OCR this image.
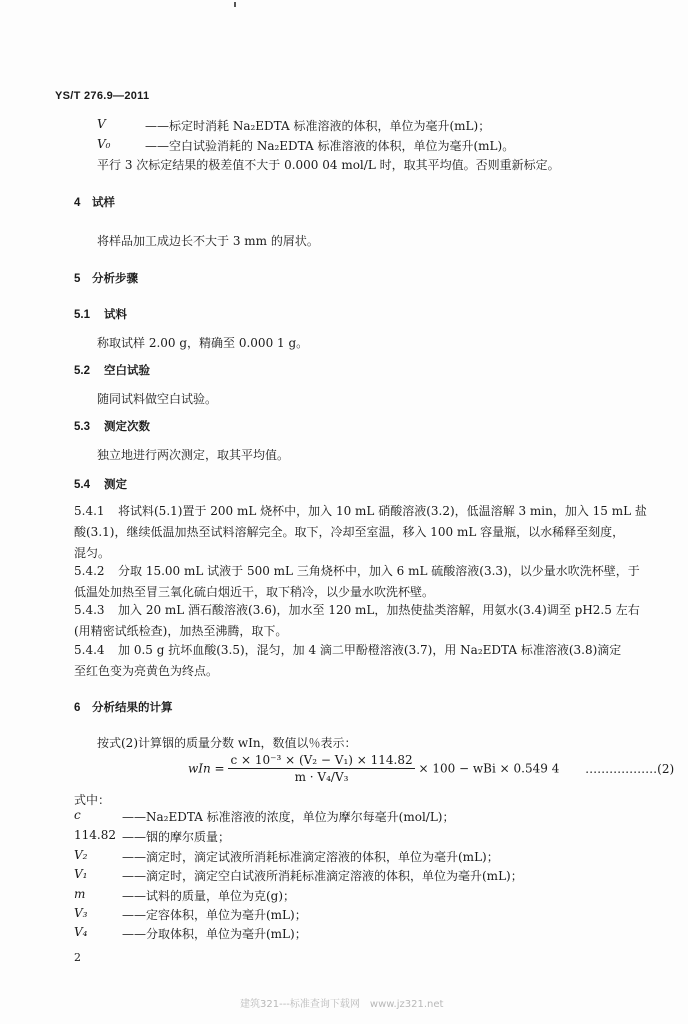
YS/T 276.9—2011
V	——标定时消耗 Na₂EDTA 标准溶液的体积，单位为毫升(mL)；
V₀	——空白试验消耗的 Na₂EDTA 标准溶液的体积，单位为毫升(mL)。
平行 3 次标定结果的极差值不大于 0.000 04 mol/L 时，取其平均值。否则重新标定。
4 试样
将样品加工成边长不大于 3 mm 的屑状。
5 分析步骤
5.1 试料
称取试样 2.00 g，精确至 0.000 1 g。
5.2 空白试验
随同试料做空白试验。
5.3 测定次数
独立地进行两次测定，取其平均值。
5.4 测定
5.4.1 将试料(5.1)置于 200 mL 烧杯中，加入 10 mL 硝酸溶液(3.2)，低温溶解 3 min，加入 15 mL 盐
酸(3.1)，继续低温加热至试料溶解完全。取下，冷却至室温，移入 100 mL 容量瓶，以水稀释至刻度，
混匀。
5.4.2 分取 15.00 mL 试液于 500 mL 三角烧杯中，加入 6 mL 硫酸溶液(3.3)，以少量水吹洗杯壁，于
低温处加热至冒三氧化硫白烟近干，取下稍冷，以少量水吹洗杯壁。
5.4.3 加入 20 mL 酒石酸溶液(3.6)，加水至 120 mL，加热使盐类溶解，用氨水(3.4)调至 pH2.5 左右
(用精密试纸检查)，加热至沸腾，取下。
5.4.4 加 0.5 g 抗坏血酸(3.5)，混匀，加 4 滴二甲酚橙溶液(3.7)，用 Na₂EDTA 标准溶液(3.8)滴定
至红色变为亮黄色为终点。
6 分析结果的计算
按式(2)计算铟的质量分数 wIn，数值以％表示：
wIn = $\frac{\text{c × 10⁻³ × (V₂ − V₁) × 114.82}}{\text{m · V₄/V₃}} \times 100$ − wBi × 0.549 4 ………………(2)
式中：
c	——Na₂EDTA 标准溶液的浓度，单位为摩尔每毫升(mol/L)；
114.82 ——铟的摩尔质量；
V₂	——滴定时，滴定试液所消耗标准滴定溶液的体积，单位为毫升(mL)；
V₁	——滴定时，滴定空白试液所消耗标准滴定溶液的体积，单位为毫升(mL)；
m	——试料的质量，单位为克(g)；
V₃	——定容体积，单位为毫升(mL)；
V₄	——分取体积，单位为毫升(mL)；
2
建筑321---标准查询下载网　www.jz321.net
